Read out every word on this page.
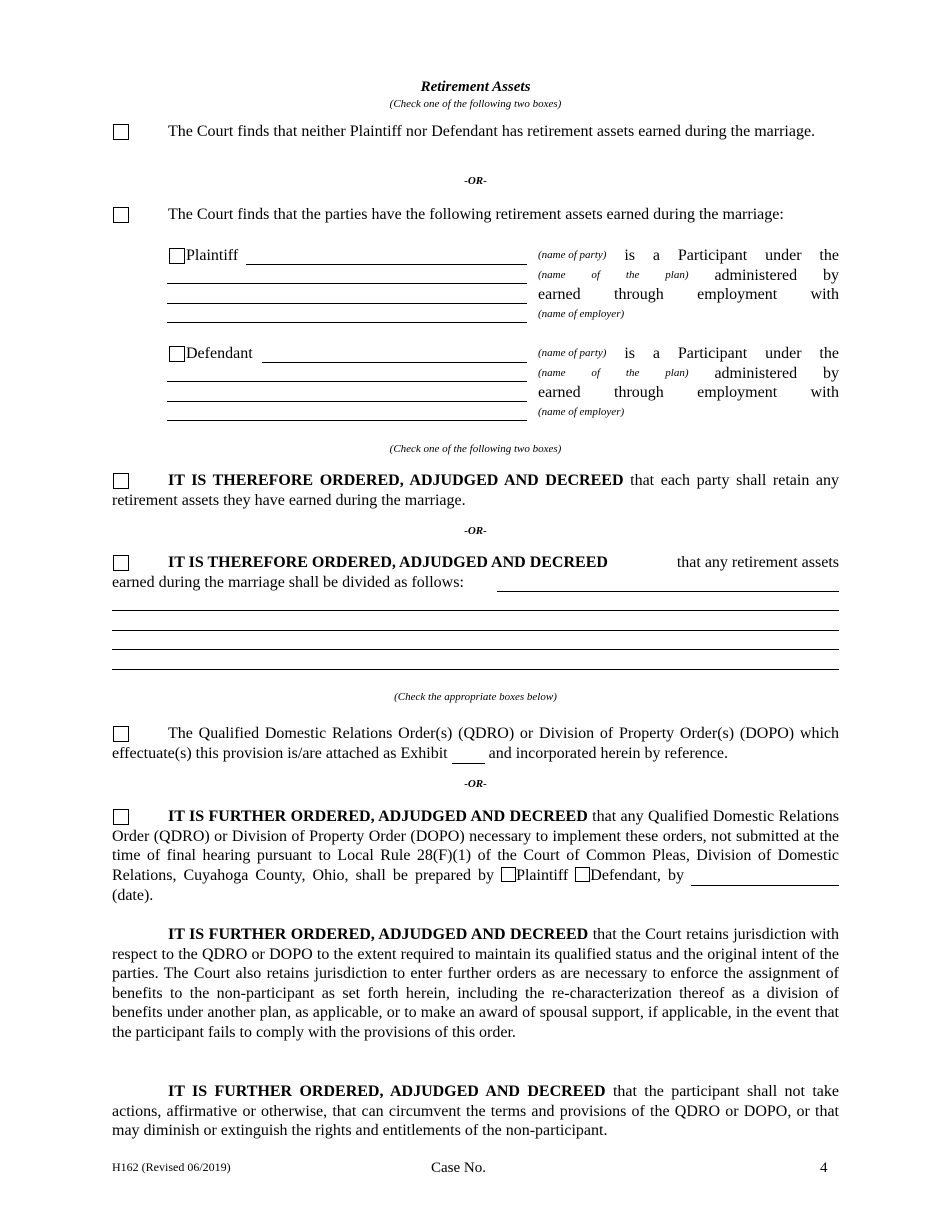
Retirement Assets
(Check one of the following two boxes)
The Court finds that neither Plaintiff nor Defendant has retirement assets earned during the marriage.
-OR-
The Court finds that the parties have the following retirement assets earned during the marriage:
Plaintiff	(name of party) is a Participant under the
(name of the plan) administered by
earned through employment with
(name of employer)
Defendant	(name of party) is a Participant under the
(name of the plan) administered by
earned through employment with
(name of employer)
(Check one of the following two boxes)
IT IS THEREFORE ORDERED, ADJUDGED AND DECREED that each party shall retain any retirement assets they have earned during the marriage.
-OR-
IT IS THEREFORE ORDERED, ADJUDGED AND DECREED	that any retirement assets
earned during the marriage shall be divided as follows:
(Check the appropriate boxes below)
The Qualified Domestic Relations Order(s) (QDRO) or Division of Property Order(s) (DOPO) which effectuate(s) this provision is/are attached as Exhibit	and incorporated herein by reference.
-OR-
IT IS FURTHER ORDERED, ADJUDGED AND DECREED that any Qualified Domestic Relations Order (QDRO) or Division of Property Order (DOPO) necessary to implement these orders, not submitted at the time of final hearing pursuant to Local Rule 28(F)(1) of the Court of Common Pleas, Division of Domestic Relations, Cuyahoga County, Ohio, shall be prepared by Plaintiff Defendant, by   (date).
IT IS FURTHER ORDERED, ADJUDGED AND DECREED that the Court retains jurisdiction with respect to the QDRO or DOPO to the extent required to maintain its qualified status and the original intent of the parties. The Court also retains jurisdiction to enter further orders as are necessary to enforce the assignment of benefits to the non-participant as set forth herein, including the re-characterization thereof as a division of benefits under another plan, as applicable, or to make an award of spousal support, if applicable, in the event that the participant fails to comply with the provisions of this order.
IT IS FURTHER ORDERED, ADJUDGED AND DECREED that the participant shall not take actions, affirmative or otherwise, that can circumvent the terms and provisions of the QDRO or DOPO, or that may diminish or extinguish the rights and entitlements of the non-participant.
H162 (Revised 06/2019)	Case No.	4
